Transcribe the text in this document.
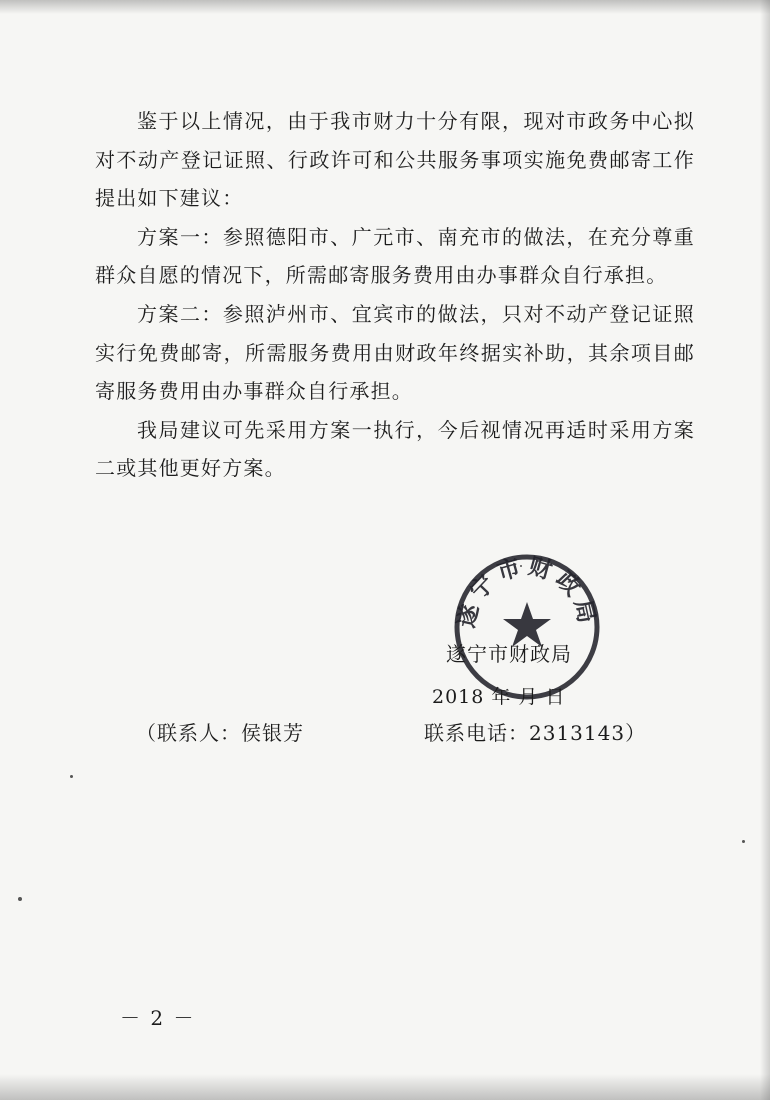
鉴于以上情况，由于我市财力十分有限，现对市政务中心拟对不动产登记证照、行政许可和公共服务事项实施免费邮寄工作提出如下建议：

方案一：参照德阳市、广元市、南充市的做法，在充分尊重群众自愿的情况下，所需邮寄服务费用由办事群众自行承担。

方案二：参照泸州市、宜宾市的做法，只对不动产登记证照实行免费邮寄，所需服务费用由财政年终据实补助，其余项目邮寄服务费用由办事群众自行承担。

我局建议可先采用方案一执行，今后视情况再适时采用方案二或其他更好方案。

遂宁市财政局
遂宁市财政局
2018 年 月 日
（联系人：侯银芳	联系电话：2313143）
－ 2 －
